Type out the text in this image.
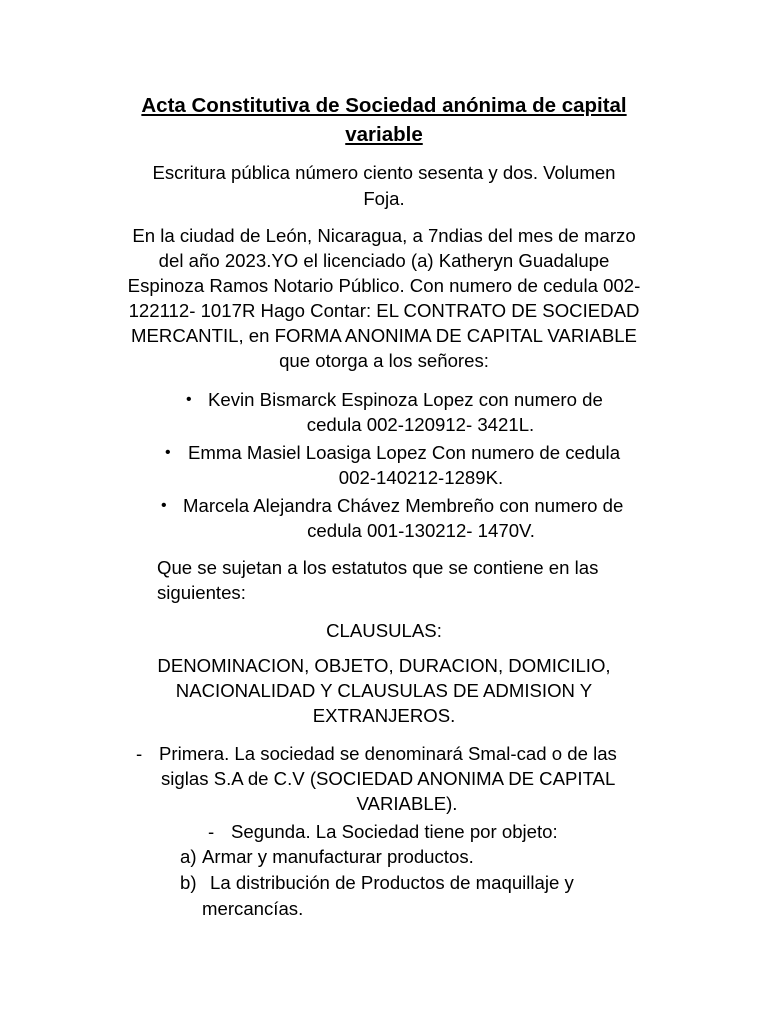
Acta Constitutiva de Sociedad anónima de capital
variable
Escritura pública número ciento sesenta y dos. Volumen
Foja.
En la ciudad de León, Nicaragua, a 7ndias del mes de marzo
del año 2023.YO el licenciado (a) Katheryn Guadalupe
Espinoza Ramos Notario Público. Con numero de cedula 002-
122112- 1017R Hago Contar: EL CONTRATO DE SOCIEDAD
MERCANTIL, en FORMA ANONIMA DE CAPITAL VARIABLE
que otorga a los señores:
• Kevin Bismarck Espinoza Lopez con numero de
cedula 002-120912- 3421L.
• Emma Masiel Loasiga Lopez Con numero de cedula
002-140212-1289K.
• Marcela Alejandra Chávez Membreño con numero de
cedula 001-130212- 1470V.
Que se sujetan a los estatutos que se contiene en las
siguientes:
CLAUSULAS:
DENOMINACION, OBJETO, DURACION, DOMICILIO,
NACIONALIDAD Y CLAUSULAS DE ADMISION Y
EXTRANJEROS.
- Primera. La sociedad se denominará Smal-cad o de las
siglas S.A de C.V (SOCIEDAD ANONIMA DE CAPITAL
VARIABLE).
- Segunda. La Sociedad tiene por objeto:
a) Armar y manufacturar productos.
b) La distribución de Productos de maquillaje y
mercancías.
